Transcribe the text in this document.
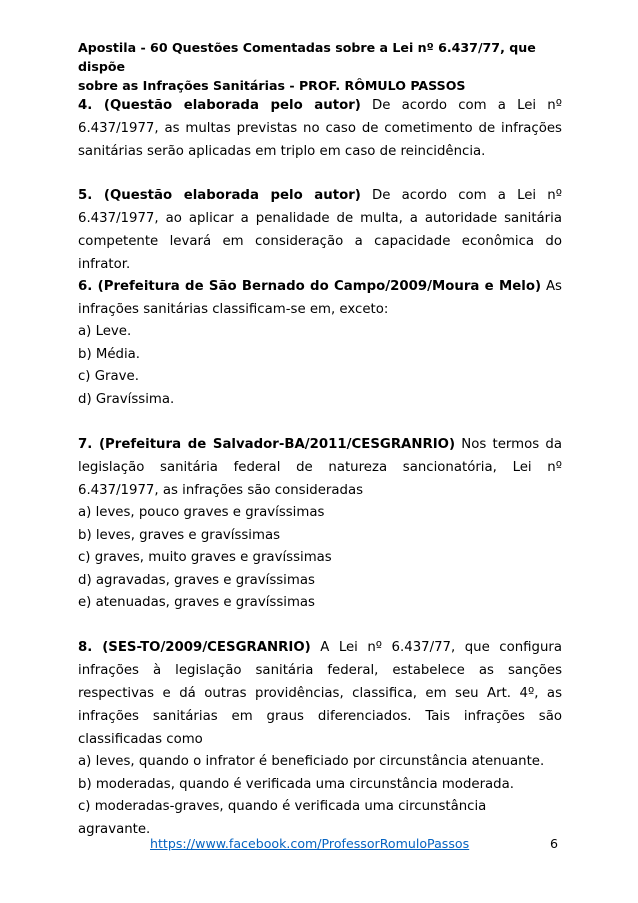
Apostila - 60 Questões Comentadas sobre a Lei nº 6.437/77, que dispõe

sobre as Infrações Sanitárias - PROF. RÔMULO PASSOS

4. (Questão elaborada pelo autor) De acordo com a Lei nº 6.437/1977, as multas previstas no caso de cometimento de infrações sanitárias serão aplicadas em triplo em caso de reincidência.

5. (Questão elaborada pelo autor) De acordo com a Lei nº 6.437/1977, ao aplicar a penalidade de multa, a autoridade sanitária competente levará em consideração a capacidade econômica do infrator.

6. (Prefeitura de São Bernado do Campo/2009/Moura e Melo) As infrações sanitárias classificam-se em, exceto:

a) Leve.

b) Média.

c) Grave.

d) Gravíssima.

7. (Prefeitura de Salvador-BA/2011/CESGRANRIO) Nos termos da legislação sanitária federal de natureza sancionatória, Lei nº 6.437/1977, as infrações são consideradas

a) leves, pouco graves e gravíssimas

b) leves, graves e gravíssimas

c) graves, muito graves e gravíssimas

d) agravadas, graves e gravíssimas

e) atenuadas, graves e gravíssimas

8. (SES-TO/2009/CESGRANRIO) A Lei nº 6.437/77, que configura infrações à legislação sanitária federal, estabelece as sanções respectivas e dá outras providências, classifica, em seu Art. 4º, as infrações sanitárias em graus diferenciados. Tais infrações são classificadas como

a) leves, quando o infrator é beneficiado por circunstância atenuante.

b) moderadas, quando é verificada uma circunstância moderada.

c) moderadas-graves, quando é verificada uma circunstância agravante.

https://www.facebook.com/ProfessorRomuloPassos	6
